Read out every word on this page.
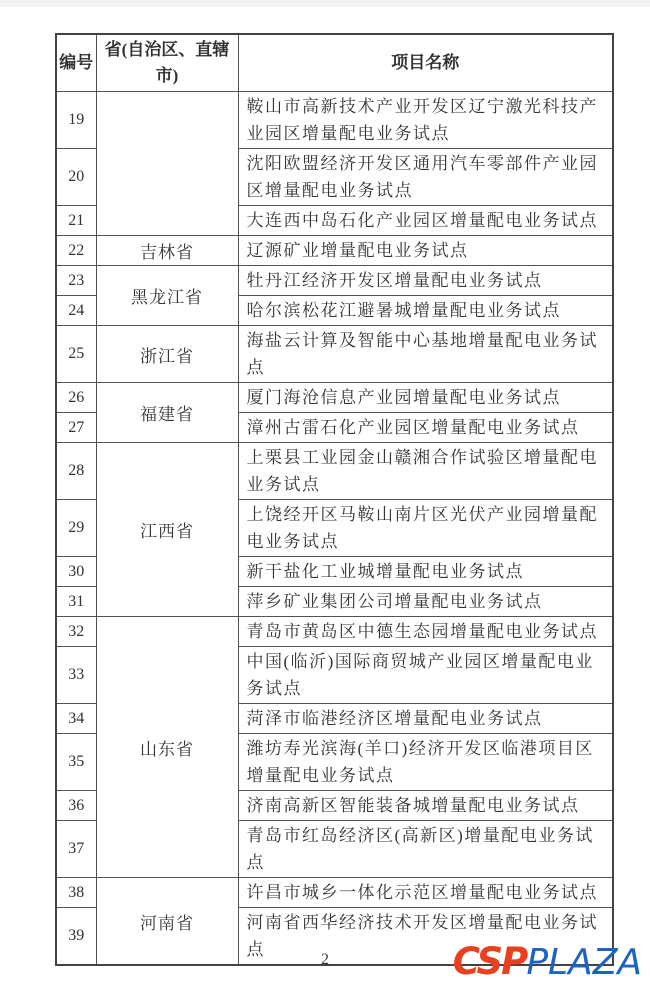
编号	省(自治区、直辖市)	项目名称
19		鞍山市高新技术产业开发区辽宁激光科技产业园区增量配电业务试点
20		沈阳欧盟经济开发区通用汽车零部件产业园区增量配电业务试点
21		大连西中岛石化产业园区增量配电业务试点
22	吉林省	辽源矿业增量配电业务试点
23	黑龙江省	牡丹江经济开发区增量配电业务试点
24		哈尔滨松花江避暑城增量配电业务试点
25	浙江省	海盐云计算及智能中心基地增量配电业务试点
26	福建省	厦门海沧信息产业园增量配电业务试点
27		漳州古雷石化产业园区增量配电业务试点
28	江西省	上栗县工业园金山赣湘合作试验区增量配电业务试点
29		上饶经开区马鞍山南片区光伏产业园增量配电业务试点
30		新干盐化工业城增量配电业务试点
31		萍乡矿业集团公司增量配电业务试点
32	山东省	青岛市黄岛区中德生态园增量配电业务试点
33		中国(临沂)国际商贸城产业园区增量配电业务试点
34		菏泽市临港经济区增量配电业务试点
35		潍坊寿光滨海(羊口)经济开发区临港项目区增量配电业务试点
36		济南高新区智能装备城增量配电业务试点
37		青岛市红岛经济区(高新区)增量配电业务试点
38	河南省	许昌市城乡一体化示范区增量配电业务试点
39		河南省西华经济技术开发区增量配电业务试点
2	CSPPLAZA
